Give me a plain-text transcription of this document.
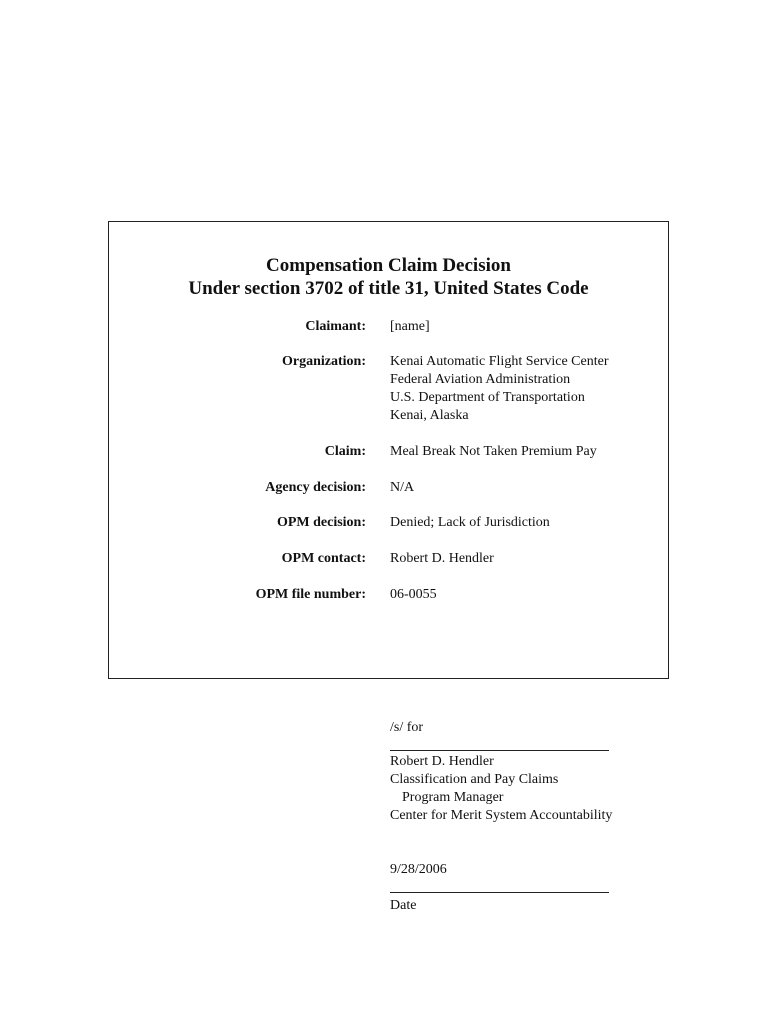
Compensation Claim Decision
Under section 3702 of title 31, United States Code
Claimant: [name]
Organization: Kenai Automatic Flight Service Center
Federal Aviation Administration
U.S. Department of Transportation
Kenai, Alaska
Claim: Meal Break Not Taken Premium Pay
Agency decision: N/A
OPM decision: Denied; Lack of Jurisdiction
OPM contact: Robert D. Hendler
OPM file number: 06-0055
/s/ for
Robert D. Hendler
Classification and Pay Claims
Program Manager
Center for Merit System Accountability
9/28/2006
Date
